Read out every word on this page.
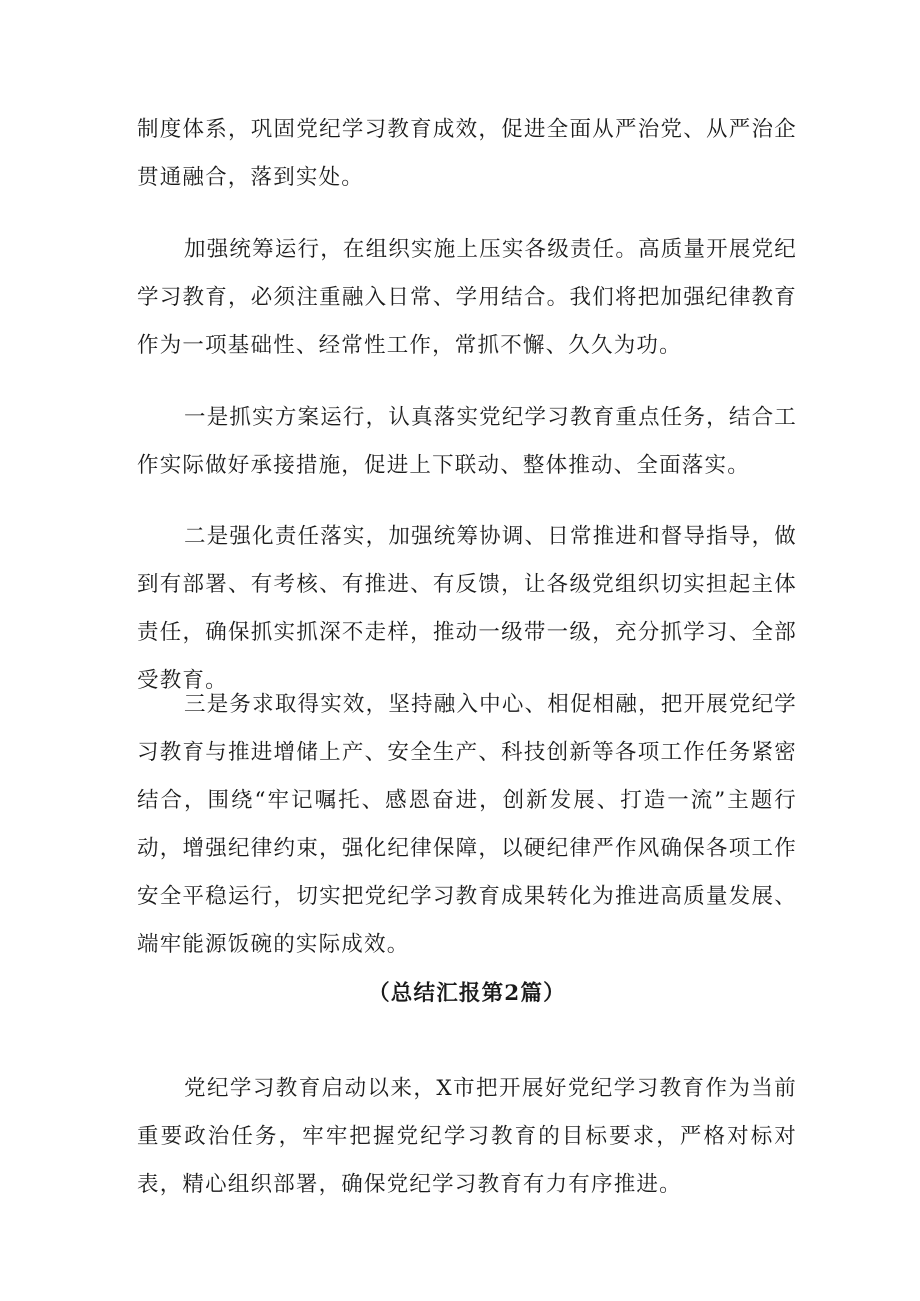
制度体系，巩固党纪学习教育成效，促进全面从严治党、从严治企贯通融合，落到实处。

加强统筹运行，在组织实施上压实各级责任。高质量开展党纪学习教育，必须注重融入日常、学用结合。我们将把加强纪律教育作为一项基础性、经常性工作，常抓不懈、久久为功。

一是抓实方案运行，认真落实党纪学习教育重点任务，结合工作实际做好承接措施，促进上下联动、整体推动、全面落实。

二是强化责任落实，加强统筹协调、日常推进和督导指导，做到有部署、有考核、有推进、有反馈，让各级党组织切实担起主体责任，确保抓实抓深不走样，推动一级带一级，充分抓学习、全部受教育。

三是务求取得实效，坚持融入中心、相促相融，把开展党纪学习教育与推进增储上产、安全生产、科技创新等各项工作任务紧密结合，围绕“牢记嘱托、感恩奋进，创新发展、打造一流”主题行动，增强纪律约束，强化纪律保障，以硬纪律严作风确保各项工作安全平稳运行，切实把党纪学习教育成果转化为推进高质量发展、端牢能源饭碗的实际成效。

（总结汇报第2篇）

党纪学习教育启动以来，X市把开展好党纪学习教育作为当前重要政治任务，牢牢把握党纪学习教育的目标要求，严格对标对表，精心组织部署，确保党纪学习教育有力有序推进。
